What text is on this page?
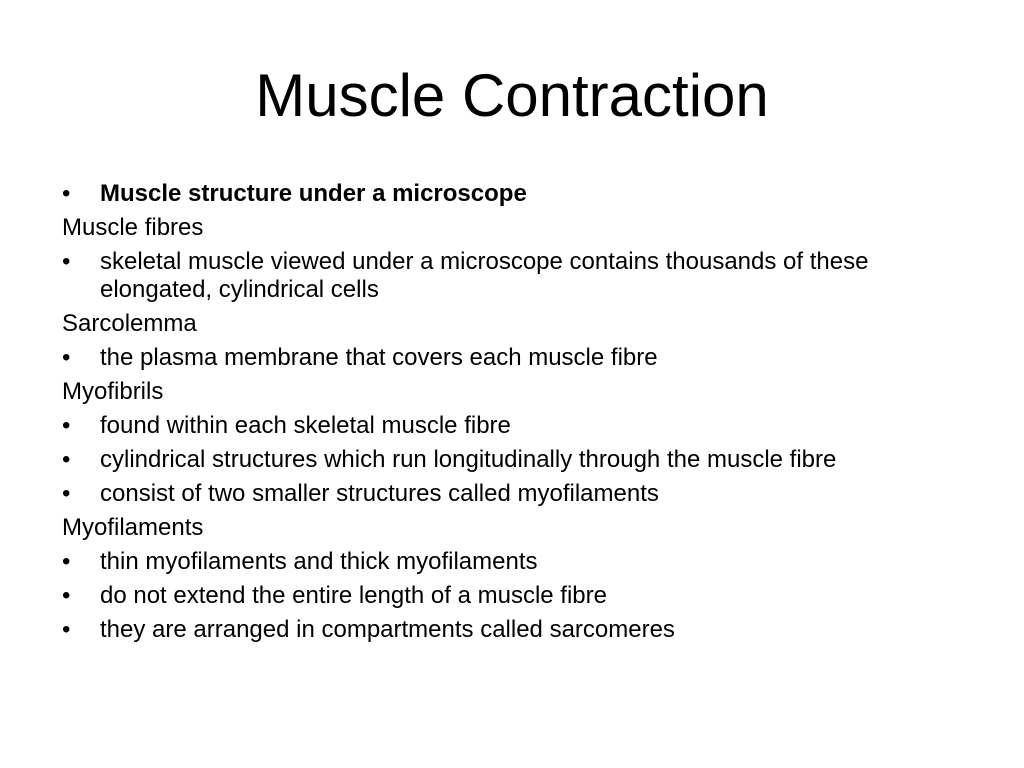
Muscle Contraction
• Muscle structure under a microscope
Muscle fibres
• skeletal muscle viewed under a microscope contains thousands of these elongated, cylindrical cells
Sarcolemma
• the plasma membrane that covers each muscle fibre
Myofibrils
• found within each skeletal muscle fibre
• cylindrical structures which run longitudinally through the muscle fibre
• consist of two smaller structures called myofilaments
Myofilaments
• thin myofilaments and thick myofilaments
• do not extend the entire length of a muscle fibre
• they are arranged in compartments called sarcomeres
